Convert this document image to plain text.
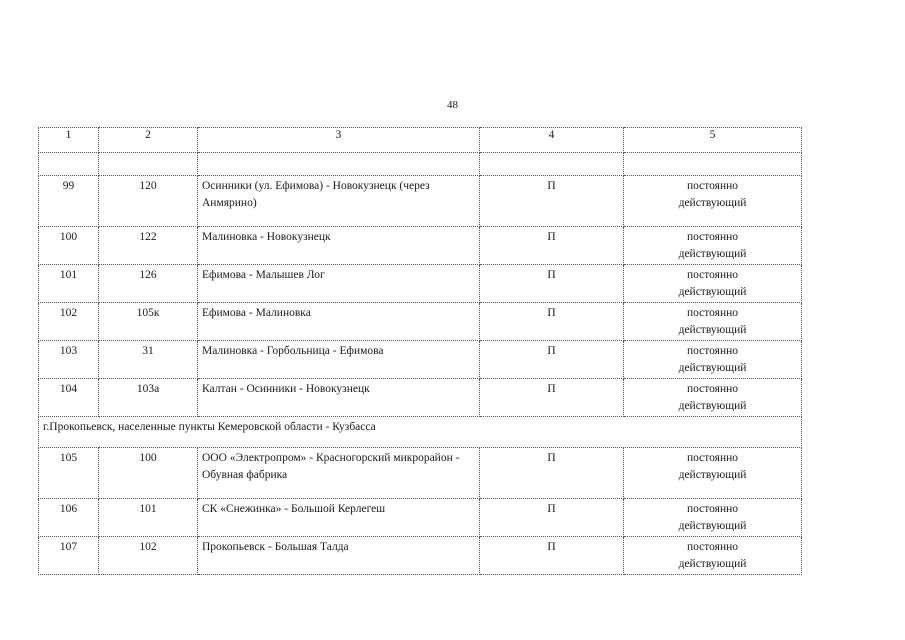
48
1	2	3	4	5

99	120	Осинники (ул. Ефимова) - Новокузнецк (через Анмярино)	П	постоянно
действующий

100	122	Малиновка - Новокузнецк	П	постоянно
действующий

101	126	Ефимова - Малышев Лог	П	постоянно
действующий

102	105к	Ефимова - Малиновка	П	постоянно
действующий

103	31	Малиновка - Горбольница - Ефимова	П	постоянно
действующий

104	103а	Калтан - Осинники - Новокузнецк	П	постоянно
действующий

г.Прокопьевск, населенные пункты Кемеровской области - Кузбасса				
105	100	ООО «Электропром» - Красногорский микрорайон - Обувная фабрика	П	постоянно
действующий

106	101	СК «Снежинка» - Большой Керлегеш	П	постоянно
действующий

107	102	Прокопьевск - Большая Талда	П	постоянно
действующий
